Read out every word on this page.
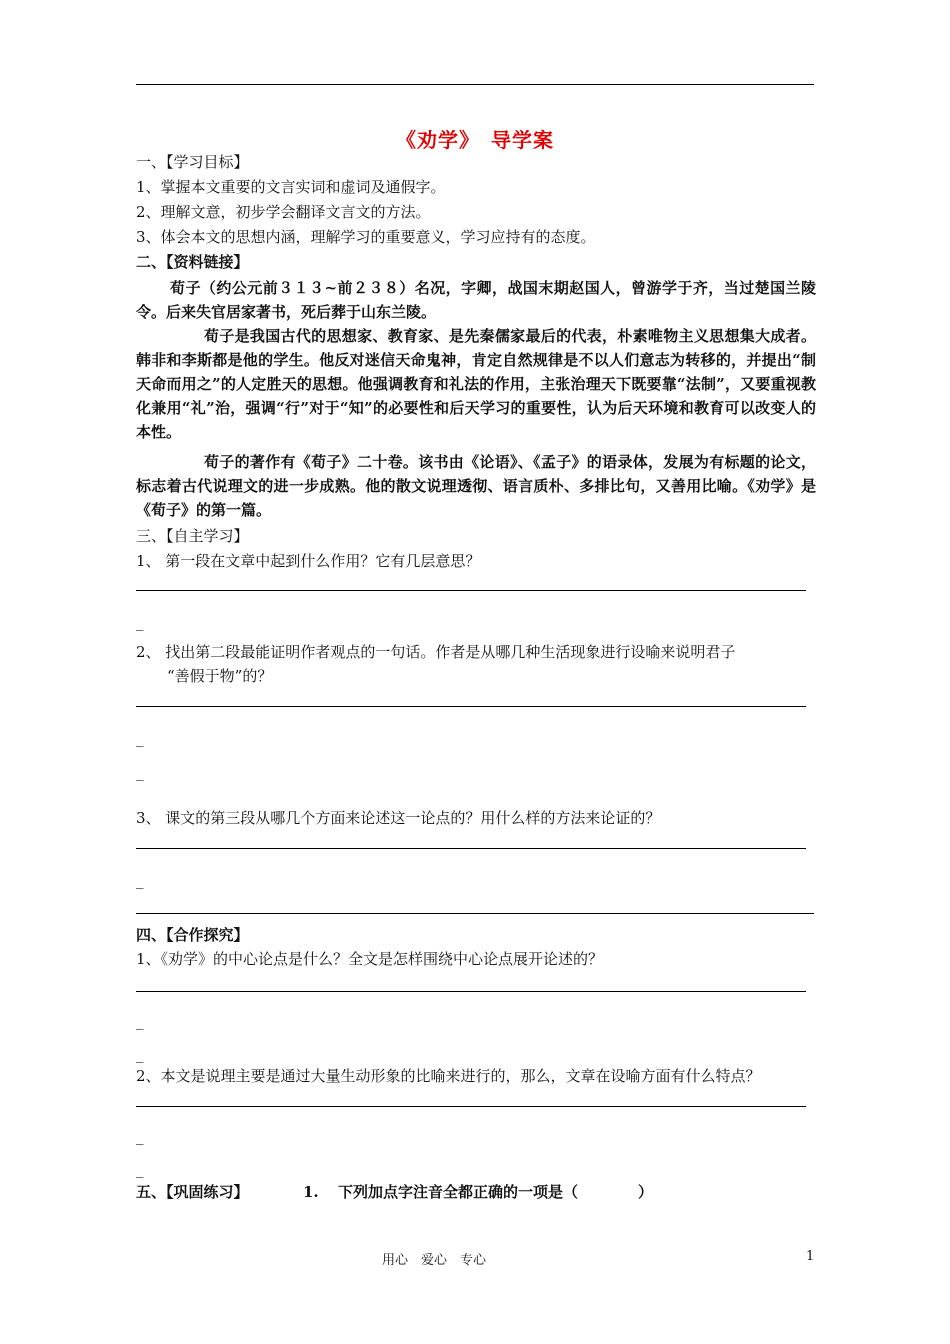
《劝学》　导学案
一、【学习目标】
1、掌握本文重要的文言实词和虚词及通假字。
2、理解文意，初步学会翻译文言文的方法。
3、体会本文的思想内涵，理解学习的重要意义，学习应持有的态度。
二、【资料链接】
荀子（约公元前３１３~前２３８）名况，字卿，战国末期赵国人，曾游学于齐，当过楚国兰陵令。后来失官居家著书，死后葬于山东兰陵。
荀子是我国古代的思想家、教育家、是先秦儒家最后的代表，朴素唯物主义思想集大成者。韩非和李斯都是他的学生。他反对迷信天命鬼神，肯定自然规律是不以人们意志为转移的，并提出“制天命而用之”的人定胜天的思想。他强调教育和礼法的作用，主张治理天下既要靠“法制”，又要重视教化兼用“礼”治，强调“行”对于“知”的必要性和后天学习的重要性，认为后天环境和教育可以改变人的本性。
荀子的著作有《荀子》二十卷。该书由《论语》、《孟子》的语录体，发展为有标题的论文，标志着古代说理文的进一步成熟。他的散文说理透彻、语言质朴、多排比句，又善用比喻。《劝学》是《荀子》的第一篇。
三、【自主学习】
1、 第一段在文章中起到什么作用？它有几层意思？
_
2、 找出第二段最能证明作者观点的一句话。作者是从哪几种生活现象进行设喻来说明君子
“善假于物”的？
_
_
3、 课文的第三段从哪几个方面来论述这一论点的？用什么样的方法来论证的？
_
四、【合作探究】
1、《劝学》的中心论点是什么？全文是怎样围绕中心论点展开论述的？
_
_
2、本文是说理主要是通过大量生动形象的比喻来进行的，那么，文章在设喻方面有什么特点？
_
_
五、【巩固练习】	1. 下列加点字注音全都正确的一项是（　　　　）
用心　爱心　专心	1
